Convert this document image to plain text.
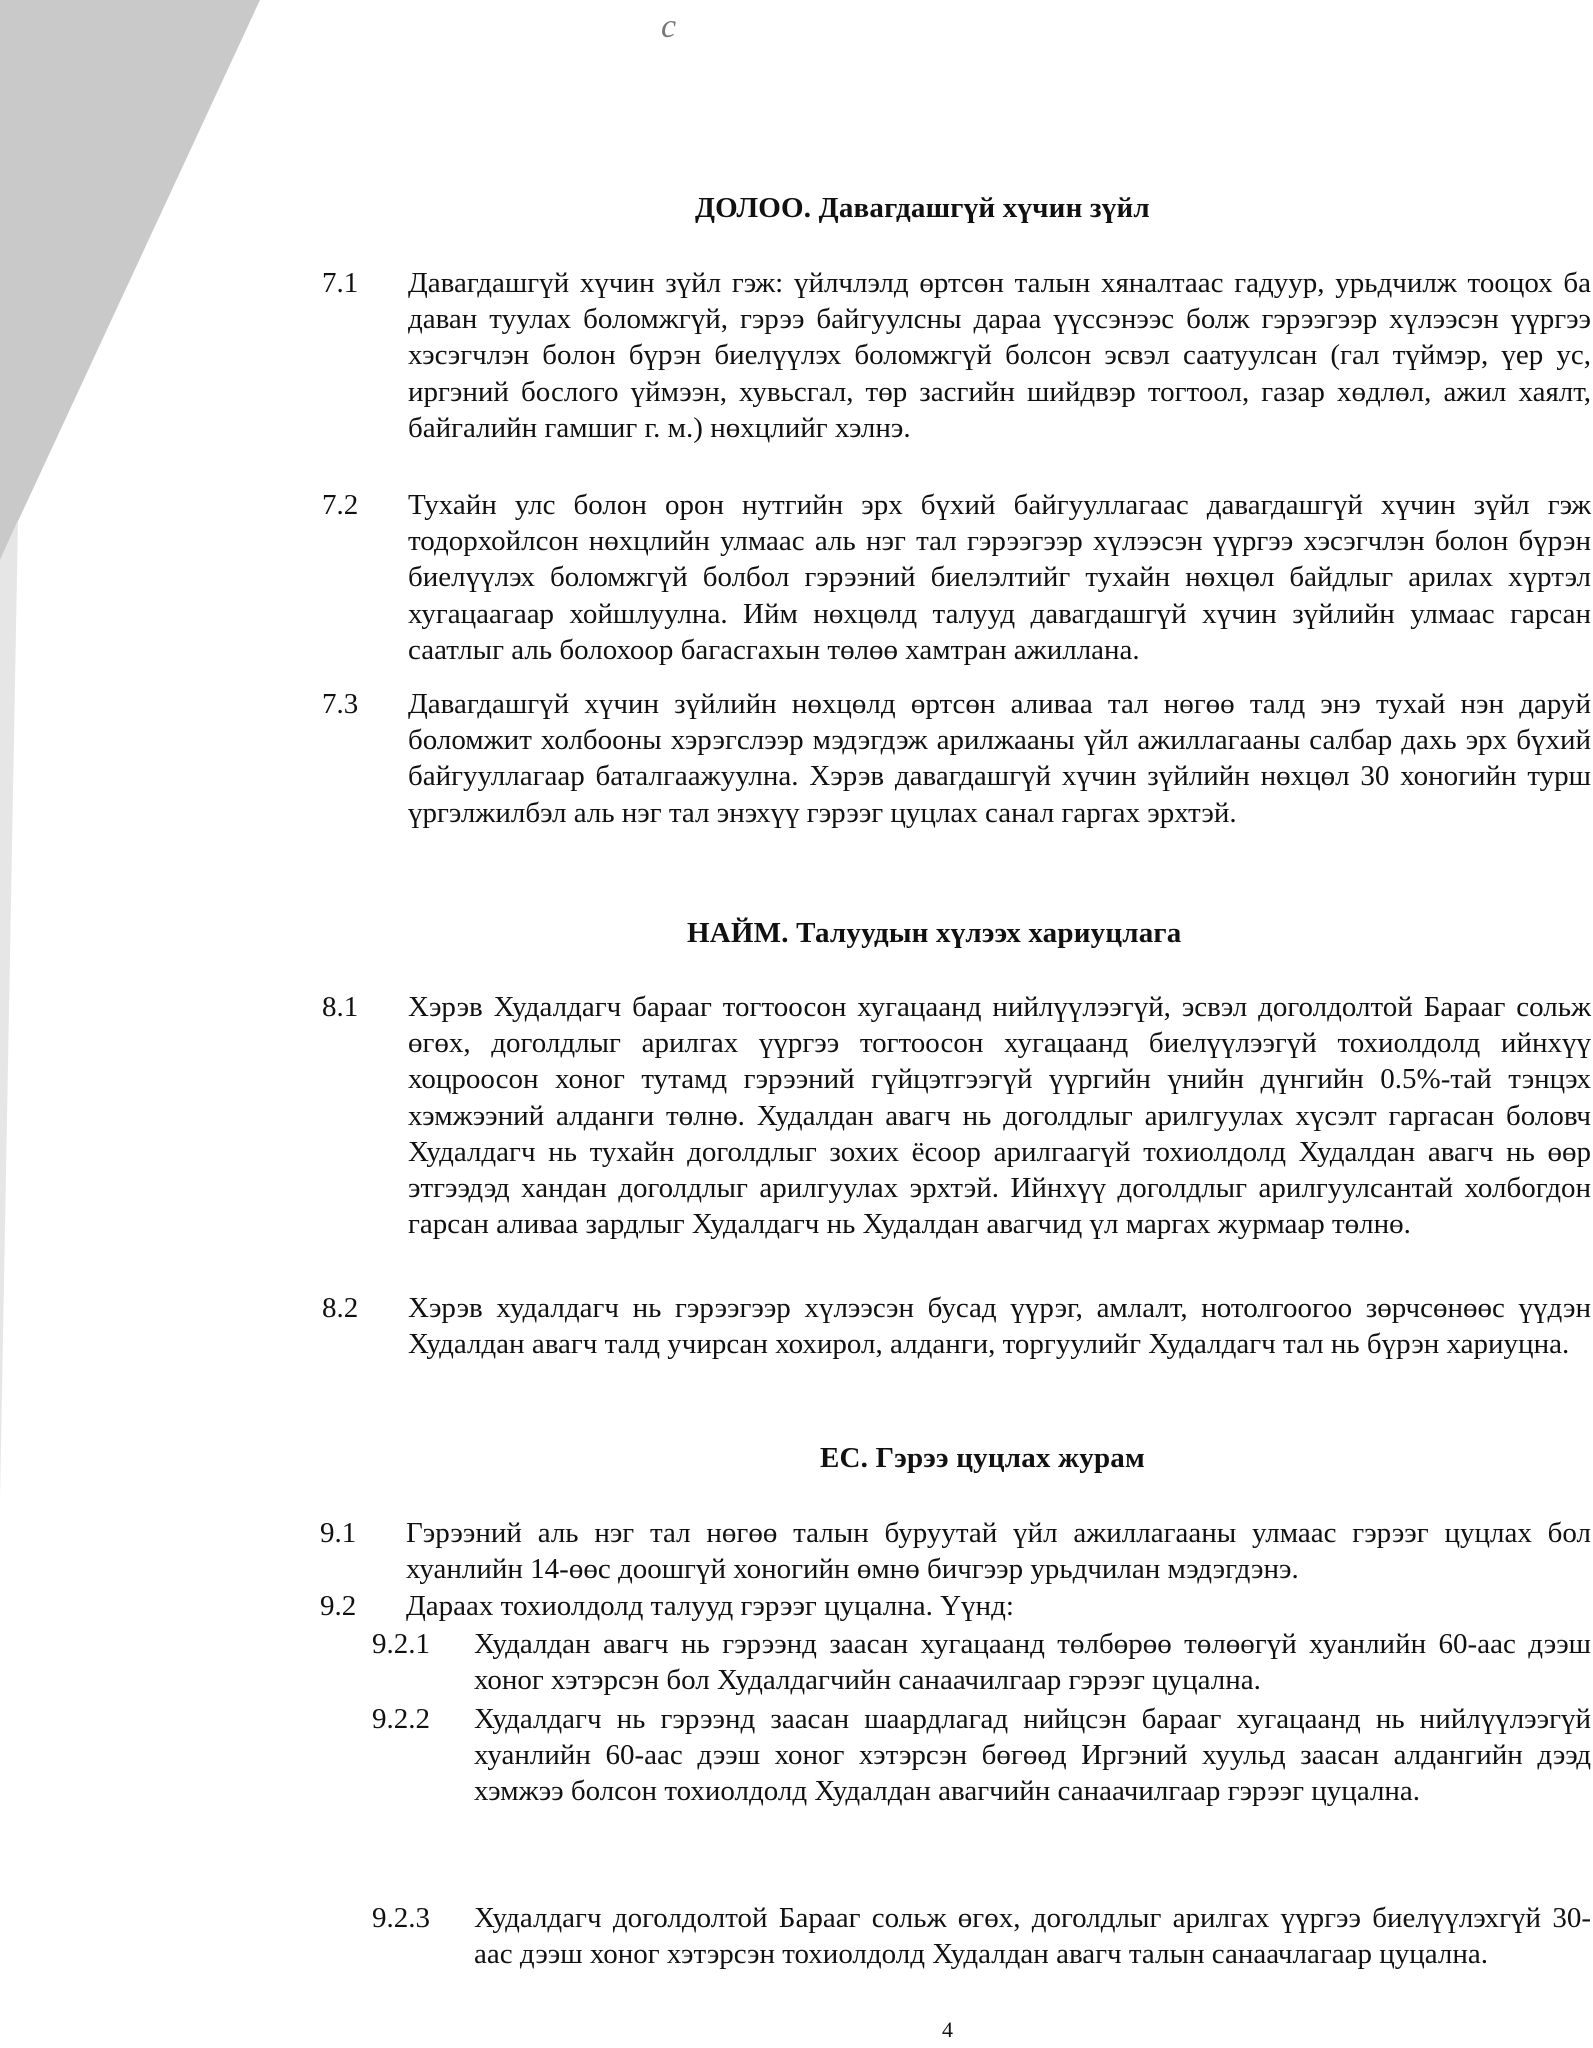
c
ДОЛОО. Давагдашгүй хүчин зүйл
7.1 Давагдашгүй хүчин зүйл гэж: үйлчлэлд өртсөн талын хяналтаас гадуур, урьдчилж тооцох ба даван туулах боломжгүй, гэрээ байгуулсны дараа үүссэнээс болж гэрээгээр хүлээсэн үүргээ хэсэгчлэн болон бүрэн биелүүлэх боломжгүй болсон эсвэл саатуулсан (гал түймэр, үер ус, иргэний бослого үймээн, хувьсгал, төр засгийн шийдвэр тогтоол, газар хөдлөл, ажил хаялт, байгалийн гамшиг г. м.) нөхцлийг хэлнэ.
7.2 Тухайн улс болон орон нутгийн эрх бүхий байгууллагаас давагдашгүй хүчин зүйл гэж тодорхойлсон нөхцлийн улмаас аль нэг тал гэрээгээр хүлээсэн үүргээ хэсэгчлэн болон бүрэн биелүүлэх боломжгүй болбол гэрээний биелэлтийг тухайн нөхцөл байдлыг арилах хүртэл хугацаагаар хойшлуулна. Ийм нөхцөлд талууд давагдашгүй хүчин зүйлийн улмаас гарсан саатлыг аль болохоор багасгахын төлөө хамтран ажиллана.
7.3 Давагдашгүй хүчин зүйлийн нөхцөлд өртсөн аливаа тал нөгөө талд энэ тухай нэн даруй боломжит холбооны хэрэгслээр мэдэгдэж арилжааны үйл ажиллагааны салбар дахь эрх бүхий байгууллагаар баталгаажуулна. Хэрэв давагдашгүй хүчин зүйлийн нөхцөл 30 хоногийн турш үргэлжилбэл аль нэг тал энэхүү гэрээг цуцлах санал гаргах эрхтэй.
НАЙМ. Талуудын хүлээх хариуцлага
8.1 Хэрэв Худалдагч барааг тогтоосон хугацаанд нийлүүлээгүй, эсвэл доголдолтой Барааг сольж өгөх, доголдлыг арилгах үүргээ тогтоосон хугацаанд биелүүлээгүй тохиолдолд ийнхүү хоцроосон хоног тутамд гэрээний гүйцэтгээгүй үүргийн үнийн дүнгийн 0.5%-тай тэнцэх хэмжээний алданги төлнө. Худалдан авагч нь доголдлыг арилгуулах хүсэлт гаргасан боловч Худалдагч нь тухайн доголдлыг зохих ёсоор арилгаагүй тохиолдолд Худалдан авагч нь өөр этгээдэд хандан доголдлыг арилгуулах эрхтэй. Ийнхүү доголдлыг арилгуулсантай холбогдон гарсан аливаа зардлыг Худалдагч нь Худалдан авагчид үл маргах журмаар төлнө.
8.2 Хэрэв худалдагч нь гэрээгээр хүлээсэн бусад үүрэг, амлалт, нотолгоогоо зөрчсөнөөс үүдэн Худалдан авагч талд учирсан хохирол, алданги, торгуулийг Худалдагч тал нь бүрэн хариуцна.
ЕС. Гэрээ цуцлах журам
9.1 Гэрээний аль нэг тал нөгөө талын буруутай үйл ажиллагааны улмаас гэрээг цуцлах бол хуанлийн 14-өөс доошгүй хоногийн өмнө бичгээр урьдчилан мэдэгдэнэ.
9.2 Дараах тохиолдолд талууд гэрээг цуцална. Үүнд:
9.2.1 Худалдан авагч нь гэрээнд заасан хугацаанд төлбөрөө төлөөгүй хуанлийн 60-аас дээш хоног хэтэрсэн бол Худалдагчийн санаачилгаар гэрээг цуцална.
9.2.2 Худалдагч нь гэрээнд заасан шаардлагад нийцсэн барааг хугацаанд нь нийлүүлээгүй хуанлийн 60-аас дээш хоног хэтэрсэн бөгөөд Иргэний хуульд заасан алдангийн дээд хэмжээ болсон тохиолдолд Худалдан авагчийн санаачилгаар гэрээг цуцална.
9.2.3 Худалдагч доголдолтой Барааг сольж өгөх, доголдлыг арилгах үүргээ биелүүлэхгүй 30-аас дээш хоног хэтэрсэн тохиолдолд Худалдан авагч талын санаачлагаар цуцална.
4
